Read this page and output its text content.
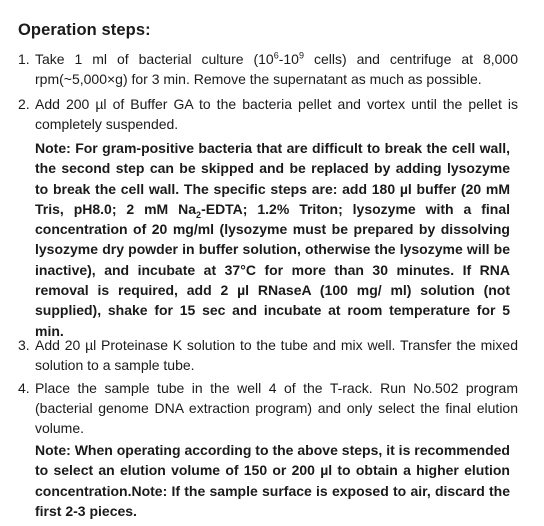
Operation steps:
1. Take 1 ml of bacterial culture ($10^6-10^9$ cells) and centrifuge at 8,000 rpm(~5,000×g) for 3 min. Remove the supernatant as much as possible.
2. Add 200 µl of Buffer GA to the bacteria pellet and vortex until the pellet is completely suspended.
Note: For gram-positive bacteria that are difficult to break the cell wall, the second step can be skipped and be replaced by adding lysozyme to break the cell wall. The specific steps are: add 180 µl buffer (20 mM Tris, pH8.0; 2 mM $Na_2$-EDTA; 1.2% Triton; lysozyme with a final concentration of 20 mg/ml (lysozyme must be prepared by dissolving lysozyme dry powder in buffer solution, otherwise the lysozyme will be inactive), and incubate at 37°C for more than 30 minutes. If RNA removal is required, add 2 µl RNaseA (100 mg/ ml) solution (not supplied), shake for 15 sec and incubate at room temperature for 5 min.
3. Add 20 µl Proteinase K solution to the tube and mix well. Transfer the mixed solution to a sample tube.
4. Place the sample tube in the well 4 of the T-rack. Run No.502 program (bacterial genome DNA extraction program) and only select the final elution volume.
Note: When operating according to the above steps, it is recommended to select an elution volume of 150 or 200 µl to obtain a higher elution concentration.Note: If the sample surface is exposed to air, discard the first 2-3 pieces.
